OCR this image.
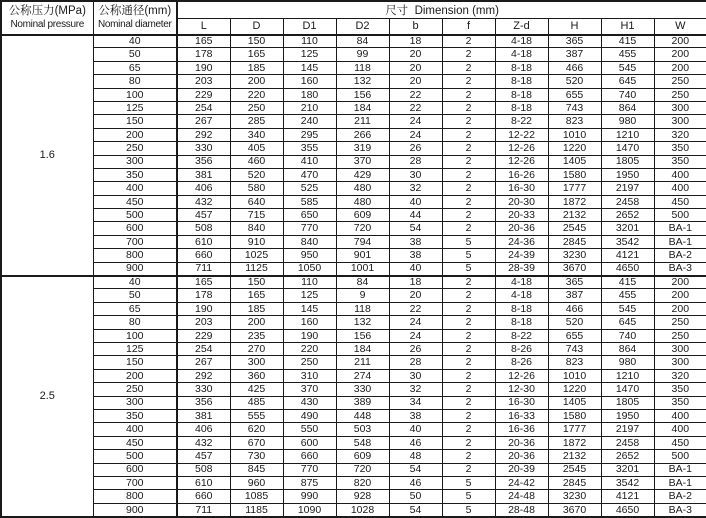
公称压力(MPa)
Nominal pressure

公称通径(mm)
Nominal diameter
	尺寸  Dimension (mm)
		L	D	D1	D2	b	f	Z-d	H	H1	W
1.6	40	165	150	110	84	18	2	4-18	365	415	200
	50	178	165	125	99	20	2	4-18	387	455	200
	65	190	185	145	118	20	2	8-18	466	545	200
	80	203	200	160	132	20	2	8-18	520	645	250
	100	229	220	180	156	22	2	8-18	655	740	250
	125	254	250	210	184	22	2	8-18	743	864	300
	150	267	285	240	211	24	2	8-22	823	980	300
	200	292	340	295	266	24	2	12-22	1010	1210	320
	250	330	405	355	319	26	2	12-26	1220	1470	350
	300	356	460	410	370	28	2	12-26	1405	1805	350
	350	381	520	470	429	30	2	16-26	1580	1950	400
	400	406	580	525	480	32	2	16-30	1777	2197	400
	450	432	640	585	480	40	2	20-30	1872	2458	450
	500	457	715	650	609	44	2	20-33	2132	2652	500
	600	508	840	770	720	54	2	20-36	2545	3201	BA-1
	700	610	910	840	794	38	5	24-36	2845	3542	BA-1
	800	660	1025	950	901	38	5	24-39	3230	4121	BA-2
	900	711	1125	1050	1001	40	5	28-39	3670	4650	BA-3
2.5	40	165	150	110	84	18	2	4-18	365	415	200
	50	178	165	125	9	20	2	4-18	387	455	200
	65	190	185	145	118	22	2	8-18	466	545	200
	80	203	200	160	132	24	2	8-18	520	645	250
	100	229	235	190	156	24	2	8-22	655	740	250
	125	254	270	220	184	26	2	8-26	743	864	300
	150	267	300	250	211	28	2	8-26	823	980	300
	200	292	360	310	274	30	2	12-26	1010	1210	320
	250	330	425	370	330	32	2	12-30	1220	1470	350
	300	356	485	430	389	34	2	16-30	1405	1805	350
	350	381	555	490	448	38	2	16-33	1580	1950	400
	400	406	620	550	503	40	2	16-36	1777	2197	400
	450	432	670	600	548	46	2	20-36	1872	2458	450
	500	457	730	660	609	48	2	20-36	2132	2652	500
	600	508	845	770	720	54	2	20-39	2545	3201	BA-1
	700	610	960	875	820	46	5	24-42	2845	3542	BA-1
	800	660	1085	990	928	50	5	24-48	3230	4121	BA-2
	900	711	1185	1090	1028	54	5	28-48	3670	4650	BA-3
